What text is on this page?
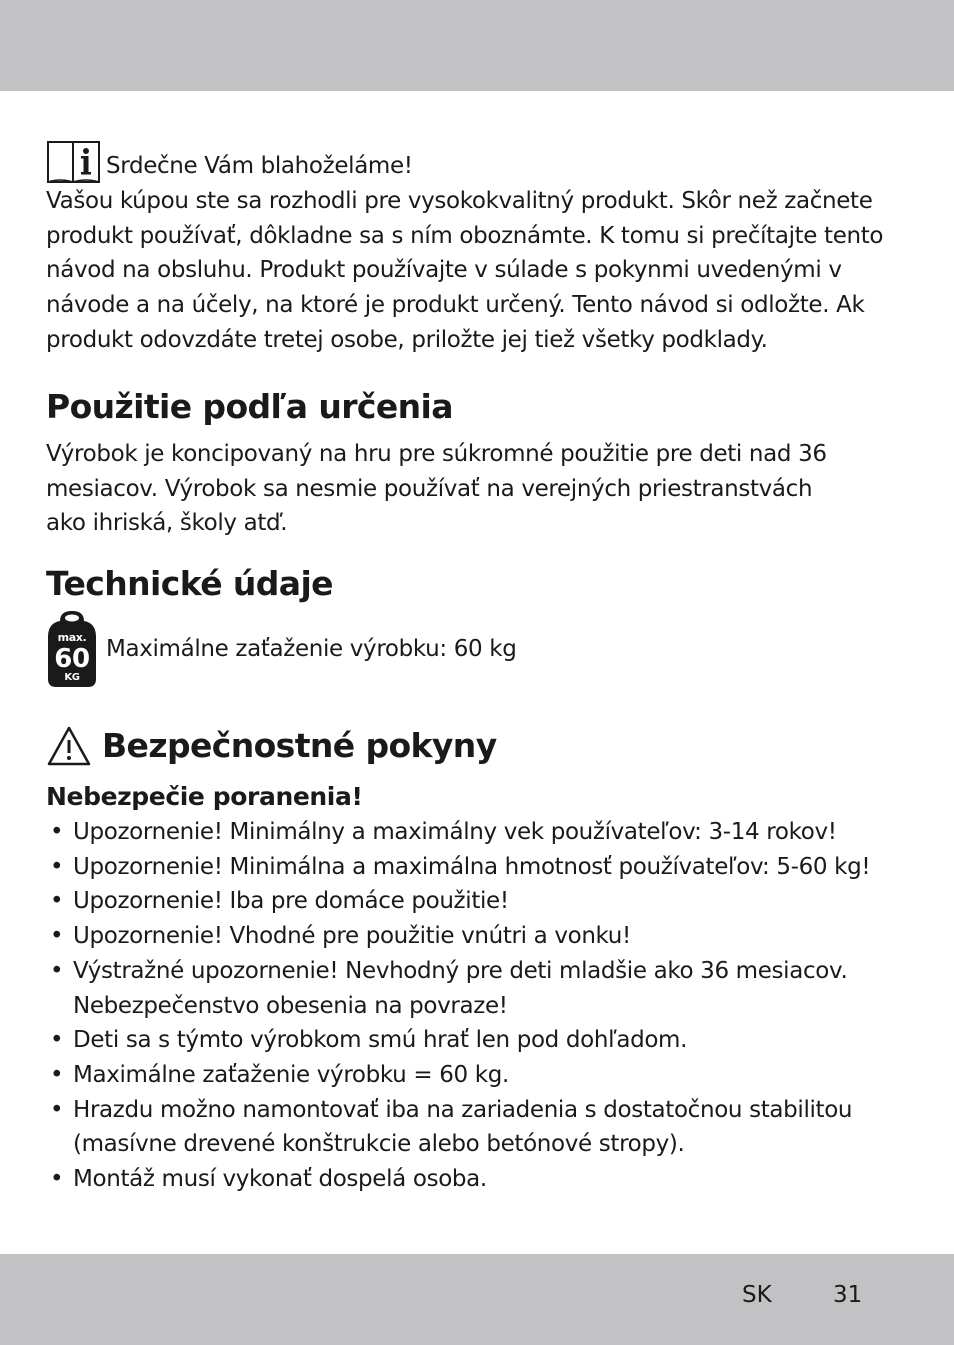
Srdečne Vám blahoželáme!

Vašou kúpou ste sa rozhodli pre vysokokvalitný produkt. Skôr než začnete produkt používať, dôkladne sa s ním oboznámte. K tomu si prečítajte tento návod na obsluhu. Produkt používajte v súlade s pokynmi uvedenými v návode a na účely, na ktoré je produkt určený. Tento návod si odložte. Ak produkt odovzdáte tretej osobe, priložte jej tiež všetky podklady.

Použitie podľa určenia

Výrobok je koncipovaný na hru pre súkromné použitie pre deti nad 36 mesiacov. Výrobok sa nesmie používať na verejných priestranstvách ako ihriská, školy atď.

Technické údaje
max.
60
KG
Maximálne zaťaženie výrobku: 60 kg
Bezpečnostné pokyny

Nebezpečie poranenia!

• Upozornenie! Minimálny a maximálny vek používateľov: 3-14 rokov!
• Upozornenie! Minimálna a maximálna hmotnosť používateľov: 5-60 kg!
• Upozornenie! Iba pre domáce použitie!
• Upozornenie! Vhodné pre použitie vnútri a vonku!
• Výstražné upozornenie! Nevhodný pre deti mladšie ako 36 mesiacov. Nebezpečenstvo obesenia na povraze!
• Deti sa s týmto výrobkom smú hrať len pod dohľadom.
• Maximálne zaťaženie výrobku = 60 kg.
• Hrazdu možno namontovať iba na zariadenia s dostatočnou stabilitou (masívne drevené konštrukcie alebo betónové stropy).
• Montáž musí vykonať dospelá osoba.
SK	31
